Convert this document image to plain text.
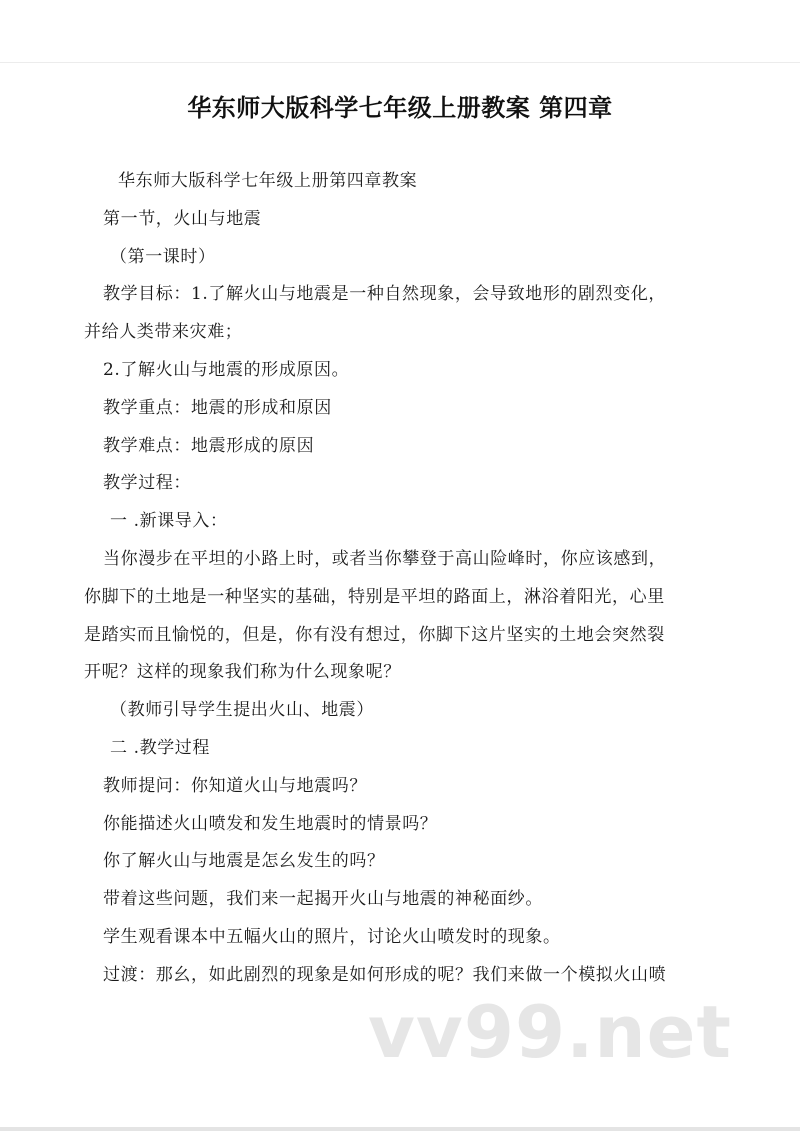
华东师大版科学七年级上册教案 第四章
华东师大版科学七年级上册第四章教案
第一节，火山与地震
（第一课时）
教学目标：1.了解火山与地震是一种自然现象，会导致地形的剧烈变化，
并给人类带来灾难；
2.了解火山与地震的形成原因。
教学重点：地震的形成和原因
教学难点：地震形成的原因
教学过程：
一 .新课导入：
当你漫步在平坦的小路上时，或者当你攀登于高山险峰时，你应该感到，
你脚下的土地是一种坚实的基础，特别是平坦的路面上，淋浴着阳光，心里
是踏实而且愉悦的，但是，你有没有想过，你脚下这片坚实的土地会突然裂
开呢？这样的现象我们称为什么现象呢？
（教师引导学生提出火山、地震）
二 .教学过程
教师提问：你知道火山与地震吗？
你能描述火山喷发和发生地震时的情景吗？
你了解火山与地震是怎幺发生的吗？
带着这些问题，我们来一起揭开火山与地震的神秘面纱。
学生观看课本中五幅火山的照片，讨论火山喷发时的现象。
过渡：那幺，如此剧烈的现象是如何形成的呢？我们来做一个模拟火山喷
vv99.net
